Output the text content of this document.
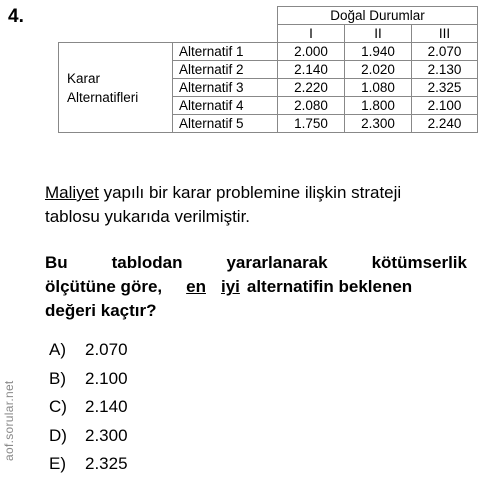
4.
		Doğal Durumlar		
		I	II	III

Karar
Alternatifleri	Alternatif 1	2.000	1.940	2.070
	Alternatif 2	2.140	2.020	2.130
	Alternatif 3	2.220	1.080	2.325
	Alternatif 4	2.080	1.800	2.100
	Alternatif 5	1.750	2.300	2.240
Maliyet yapılı bir karar problemine ilişkin strateji
tablosu yukarıda verilmiştir.
Bu	tablodan	yararlanarak	kötümserlik
ölçütüne göre, en iyi alternatifin beklenen
değeri kaçtır?
A)	2.070
B)	2.100
C)	2.140
D)	2.300
E)	2.325
aof.sorular.net
